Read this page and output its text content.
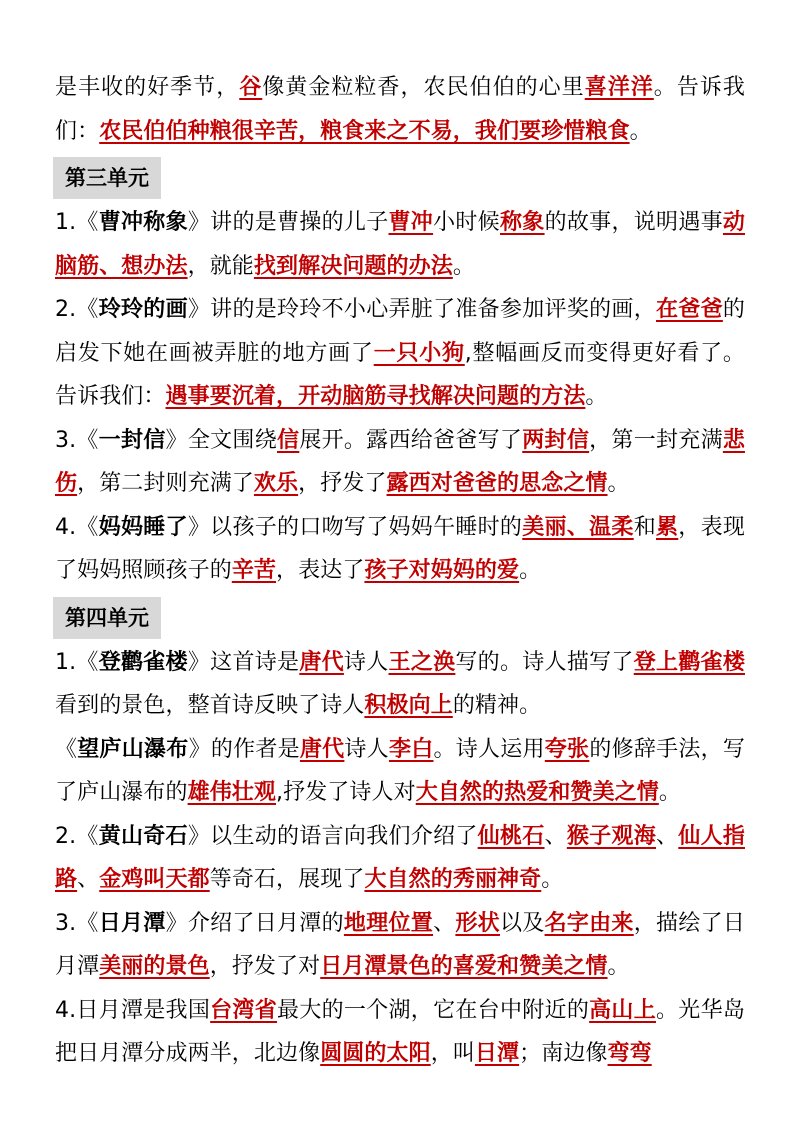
是丰收的好季节，谷像黄金粒粒香，农民伯伯的心里喜洋洋。告诉我们：农民伯伯种粮很辛苦，粮食来之不易，我们要珍惜粮食。
第三单元
1.《曹冲称象》讲的是曹操的儿子曹冲小时候称象的故事，说明遇事动脑筋、想办法，就能找到解决问题的办法。
2.《玲玲的画》讲的是玲玲不小心弄脏了准备参加评奖的画，在爸爸的启发下她在画被弄脏的地方画了一只小狗,整幅画反而变得更好看了。告诉我们：遇事要沉着，开动脑筋寻找解决问题的方法。
3.《一封信》全文围绕信展开。露西给爸爸写了两封信，第一封充满悲伤，第二封则充满了欢乐，抒发了露西对爸爸的思念之情。
4.《妈妈睡了》以孩子的口吻写了妈妈午睡时的美丽、温柔和累，表现了妈妈照顾孩子的辛苦，表达了孩子对妈妈的爱。
第四单元
1.《登鹳雀楼》这首诗是唐代诗人王之涣写的。诗人描写了登上鹳雀楼看到的景色，整首诗反映了诗人积极向上的精神。
《望庐山瀑布》的作者是唐代诗人李白。诗人运用夸张的修辞手法，写了庐山瀑布的雄伟壮观,抒发了诗人对大自然的热爱和赞美之情。
2.《黄山奇石》以生动的语言向我们介绍了仙桃石、猴子观海、仙人指路、金鸡叫天都等奇石，展现了大自然的秀丽神奇。
3.《日月潭》介绍了日月潭的地理位置、形状以及名字由来，描绘了日月潭美丽的景色，抒发了对日月潭景色的喜爱和赞美之情。
4.日月潭是我国台湾省最大的一个湖，它在台中附近的高山上。光华岛把日月潭分成两半，北边像圆圆的太阳，叫日潭；南边像弯弯
